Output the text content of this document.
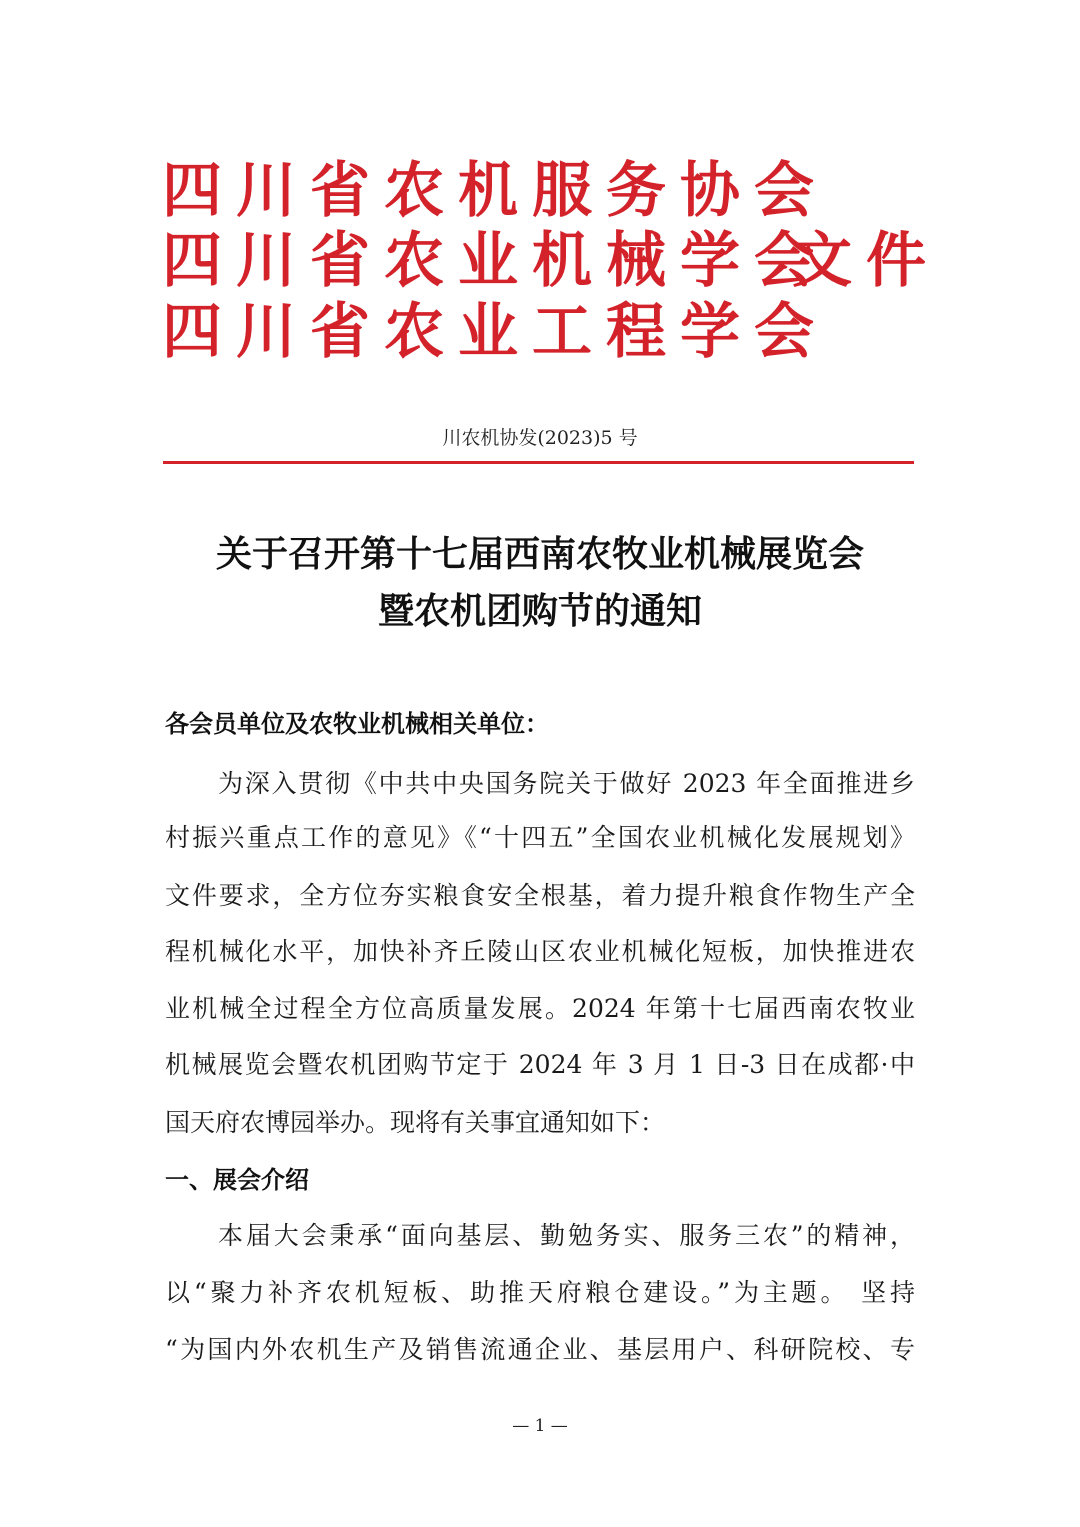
四川省农机服务协会
四川省农业机械学会
文件
四川省农业工程学会
川农机协发(2023)5 号
关于召开第十七届西南农牧业机械展览会
暨农机团购节的通知
各会员单位及农牧业机械相关单位：
为深入贯彻《中共中央国务院关于做好 2023 年全面推进乡
村振兴重点工作的意见》《“十四五”全国农业机械化发展规划》
文件要求，全方位夯实粮食安全根基，着力提升粮食作物生产全
程机械化水平，加快补齐丘陵山区农业机械化短板，加快推进农
业机械全过程全方位高质量发展。2024 年第十七届西南农牧业
机械展览会暨农机团购节定于 2024 年 3 月 1 日-3 日在成都·中
国天府农博园举办。现将有关事宜通知如下：
一、展会介绍
本届大会秉承“面向基层、勤勉务实、服务三农”的精神，
以“聚力补齐农机短板、助推天府粮仓建设。”为主题。 坚持
“为国内外农机生产及销售流通企业、基层用户、科研院校、专
— 1 —
